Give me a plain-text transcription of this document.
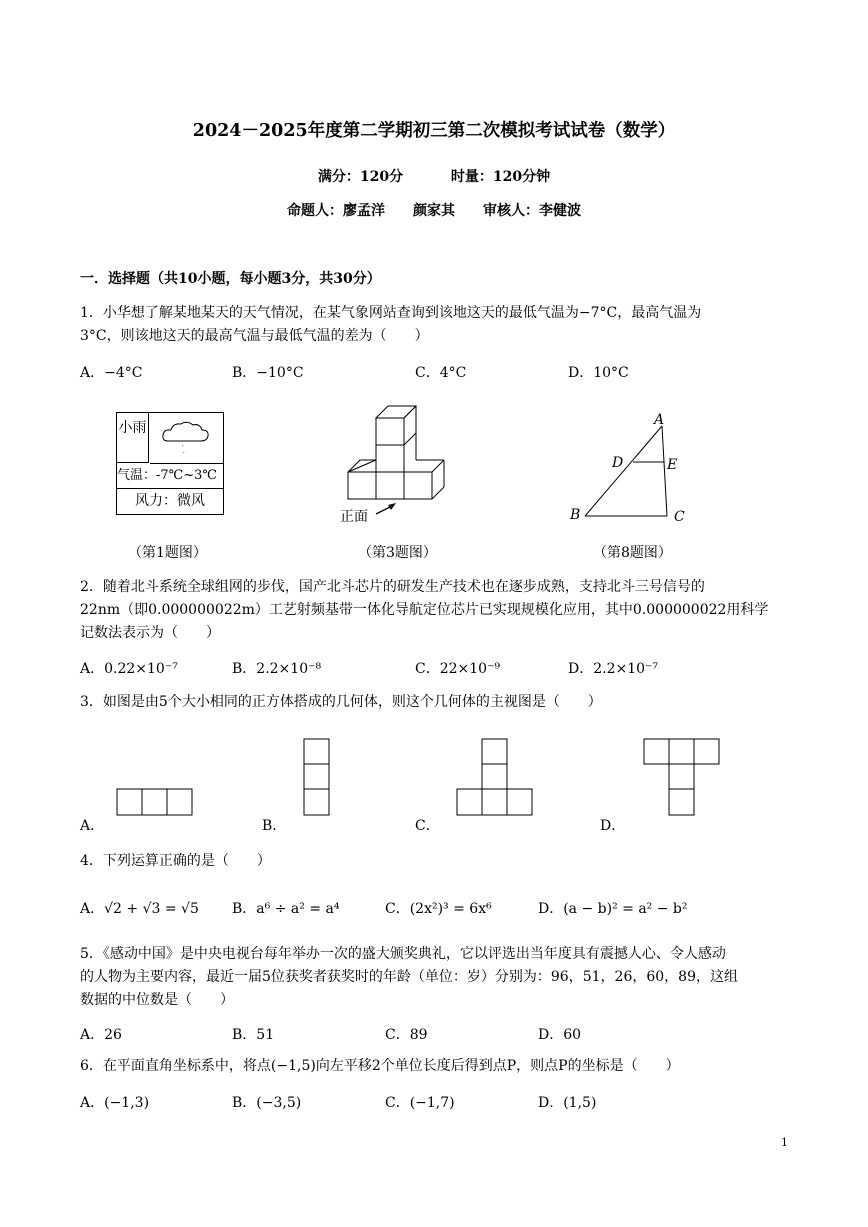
2024－2025年度第二学期初三第二次模拟考试试卷（数学）
满分：120分	时量：120分钟
命题人：廖孟洋　　颜家其　　审核人：李健波
一．选择题（共10小题，每小题3分，共30分）
1．小华想了解某地某天的天气情况，在某气象网站查询到该地这天的最低气温为−7°C，最高气温为
3°C，则该地这天的最高气温与最低气温的差为（　　）
A．−4°C	B．−10°C	C．4°C	D．10°C
小雨
′
′
气温：-7℃~3℃
风力：微风
（第1题图）
正面
（第3题图）
A
D	E
B	C
（第8题图）
2．随着北斗系统全球组网的步伐，国产北斗芯片的研发生产技术也在逐步成熟，支持北斗三号信号的
22nm（即0.000000022m）工艺射频基带一体化导航定位芯片已实现规模化应用，其中0.000000022用科学
记数法表示为（　　）
A．0.22×10⁻⁷	B．2.2×10⁻⁸	C．22×10⁻⁹	D．2.2×10⁻⁷
3．如图是由5个大小相同的正方体搭成的几何体，则这个几何体的主视图是（　　）
A．	B．	C．	D．
4．下列运算正确的是（　　）
A．√2 + √3 = √5 B．a⁶ ÷ a² = a⁴	C．(2x²)³ = 6x⁶	D．(a − b)² = a² − b²
5．《感动中国》是中央电视台每年举办一次的盛大颁奖典礼，它以评选出当年度具有震撼人心、令人感动
的人物为主要内容，最近一届5位获奖者获奖时的年龄（单位：岁）分别为：96，51，26，60，89，这组
数据的中位数是（　　）
A．26	B．51	C．89	D．60
6．在平面直角坐标系中，将点(−1,5)向左平移2个单位长度后得到点P，则点P的坐标是（　　）
A．(−1,3)	B．(−3,5)	C．(−1,7)	D．(1,5)
1
